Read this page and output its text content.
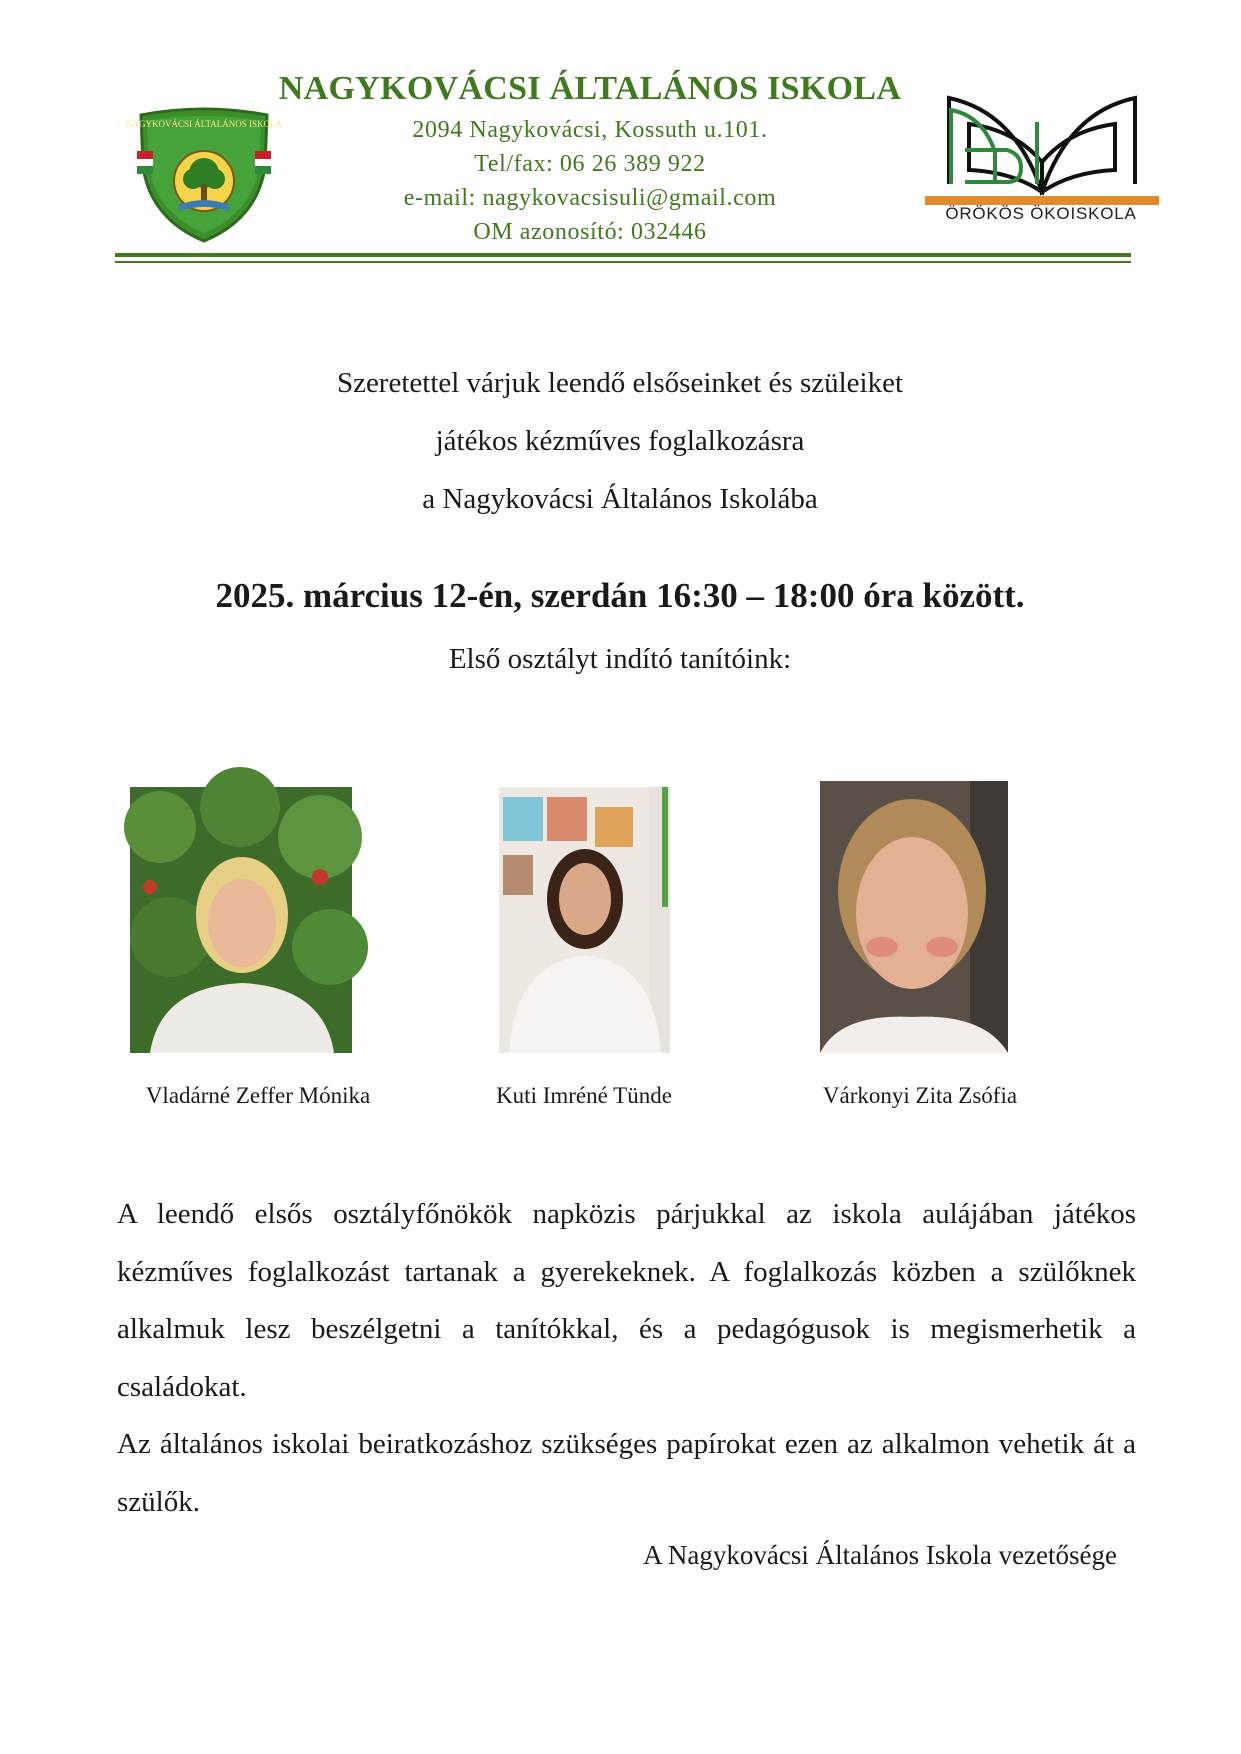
NAGYKOVÁCSI ÁLTALÁNOS ISKOLA
NAGYKOVÁCSI ÁLTALÁNOS ISKOLA
2094 Nagykovácsi, Kossuth u.101.
Tel/fax: 06 26 389 922
e-mail: nagykovacsisuli@gmail.com
OM azonosító: 032446
ÖRÖKÖS ÖKOISKOLA
Szeretettel várjuk leendő elsőseinket és szüleiket
játékos kézműves foglalkozásra
a Nagykovácsi Általános Iskolába
2025. március 12-én, szerdán 16:30 – 18:00 óra között.
Első osztályt indító tanítóink:
Vladárné Zeffer Mónika	Kuti Imréné Tünde	Várkonyi Zita Zsófia
A leendő elsős osztályfőnökök napközis párjukkal az iskola aulájában játékos kézműves foglalkozást tartanak a gyerekeknek. A foglalkozás közben a szülőknek alkalmuk lesz beszélgetni a tanítókkal, és a pedagógusok is megismerhetik a családokat.
Az általános iskolai beiratkozáshoz szükséges papírokat ezen az alkalmon vehetik át a szülők.
A Nagykovácsi Általános Iskola vezetősége
